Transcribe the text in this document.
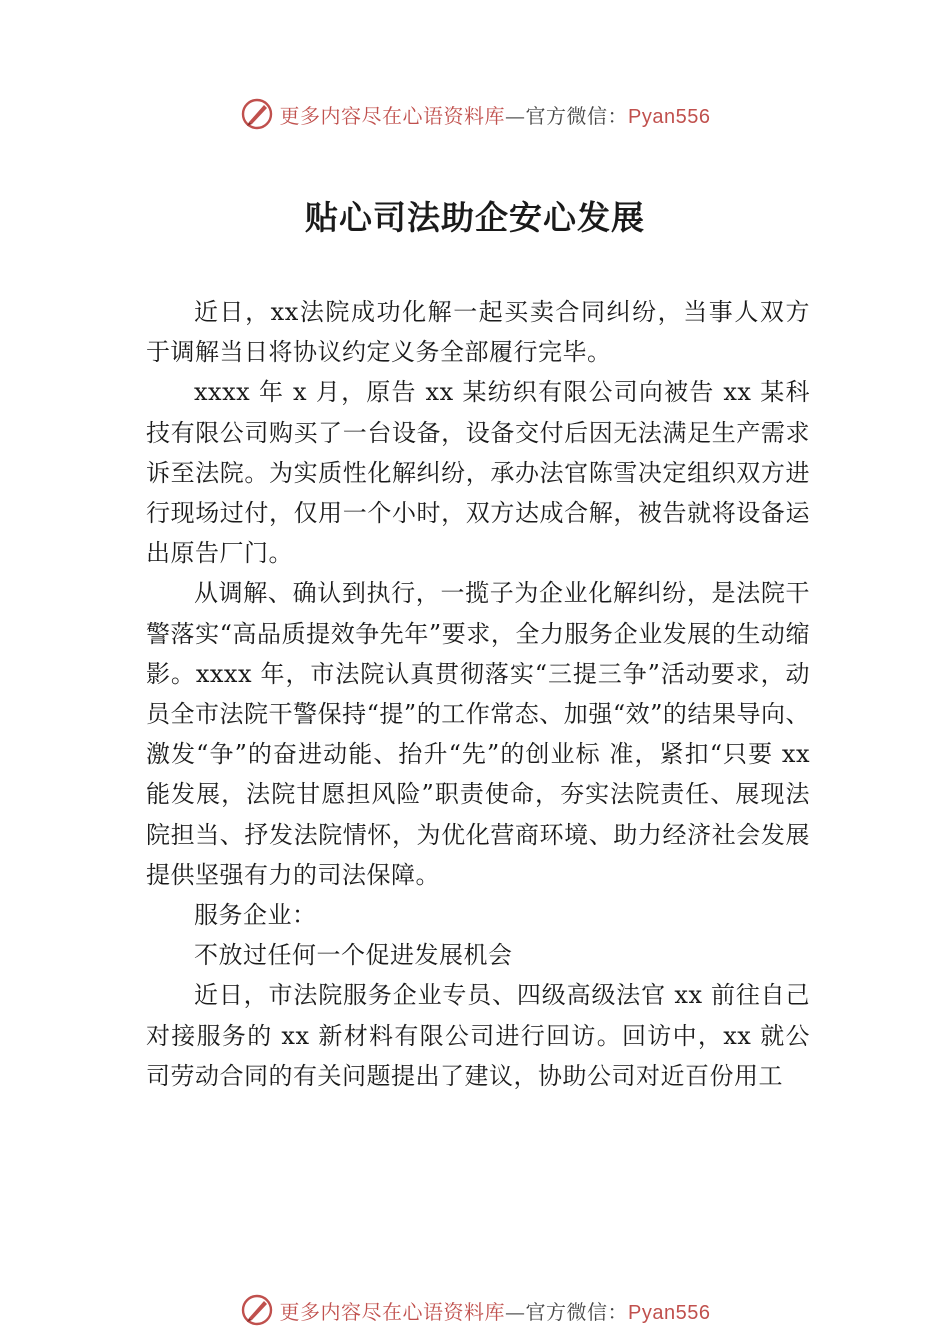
更多内容尽在心语资料库—官方微信：Pyan556
贴心司法助企安心发展

近日，xx法院成功化解一起买卖合同纠纷，当事人双方于调解当日将协议约定义务全部履行完毕。

xxxx 年 x 月，原告 xx 某纺织有限公司向被告 xx 某科技有限公司购买了一台设备，设备交付后因无法满足生产需求诉至法院。为实质性化解纠纷，承办法官陈雪决定组织双方进行现场过付，仅用一个小时，双方达成合解，被告就将设备运出原告厂门。

从调解、确认到执行，一揽子为企业化解纠纷，是法院干警落实“高品质提效争先年”要求，全力服务企业发展的生动缩影。xxxx 年，市法院认真贯彻落实“三提三争”活动要求，动员全市法院干警保持“提”的工作常态、加强“效”的结果导向、激发“争”的奋进动能、抬升“先”的创业标 准，紧扣“只要 xx 能发展，法院甘愿担风险”职责使命，夯实法院责任、展现法院担当、抒发法院情怀，为优化营商环境、助力经济社会发展提供坚强有力的司法保障。

服务企业：

不放过任何一个促进发展机会

近日，市法院服务企业专员、四级高级法官 xx 前往自己对接服务的 xx 新材料有限公司进行回访。回访中，xx 就公司劳动合同的有关问题提出了建议，协助公司对近百份用工

更多内容尽在心语资料库—官方微信：Pyan556
